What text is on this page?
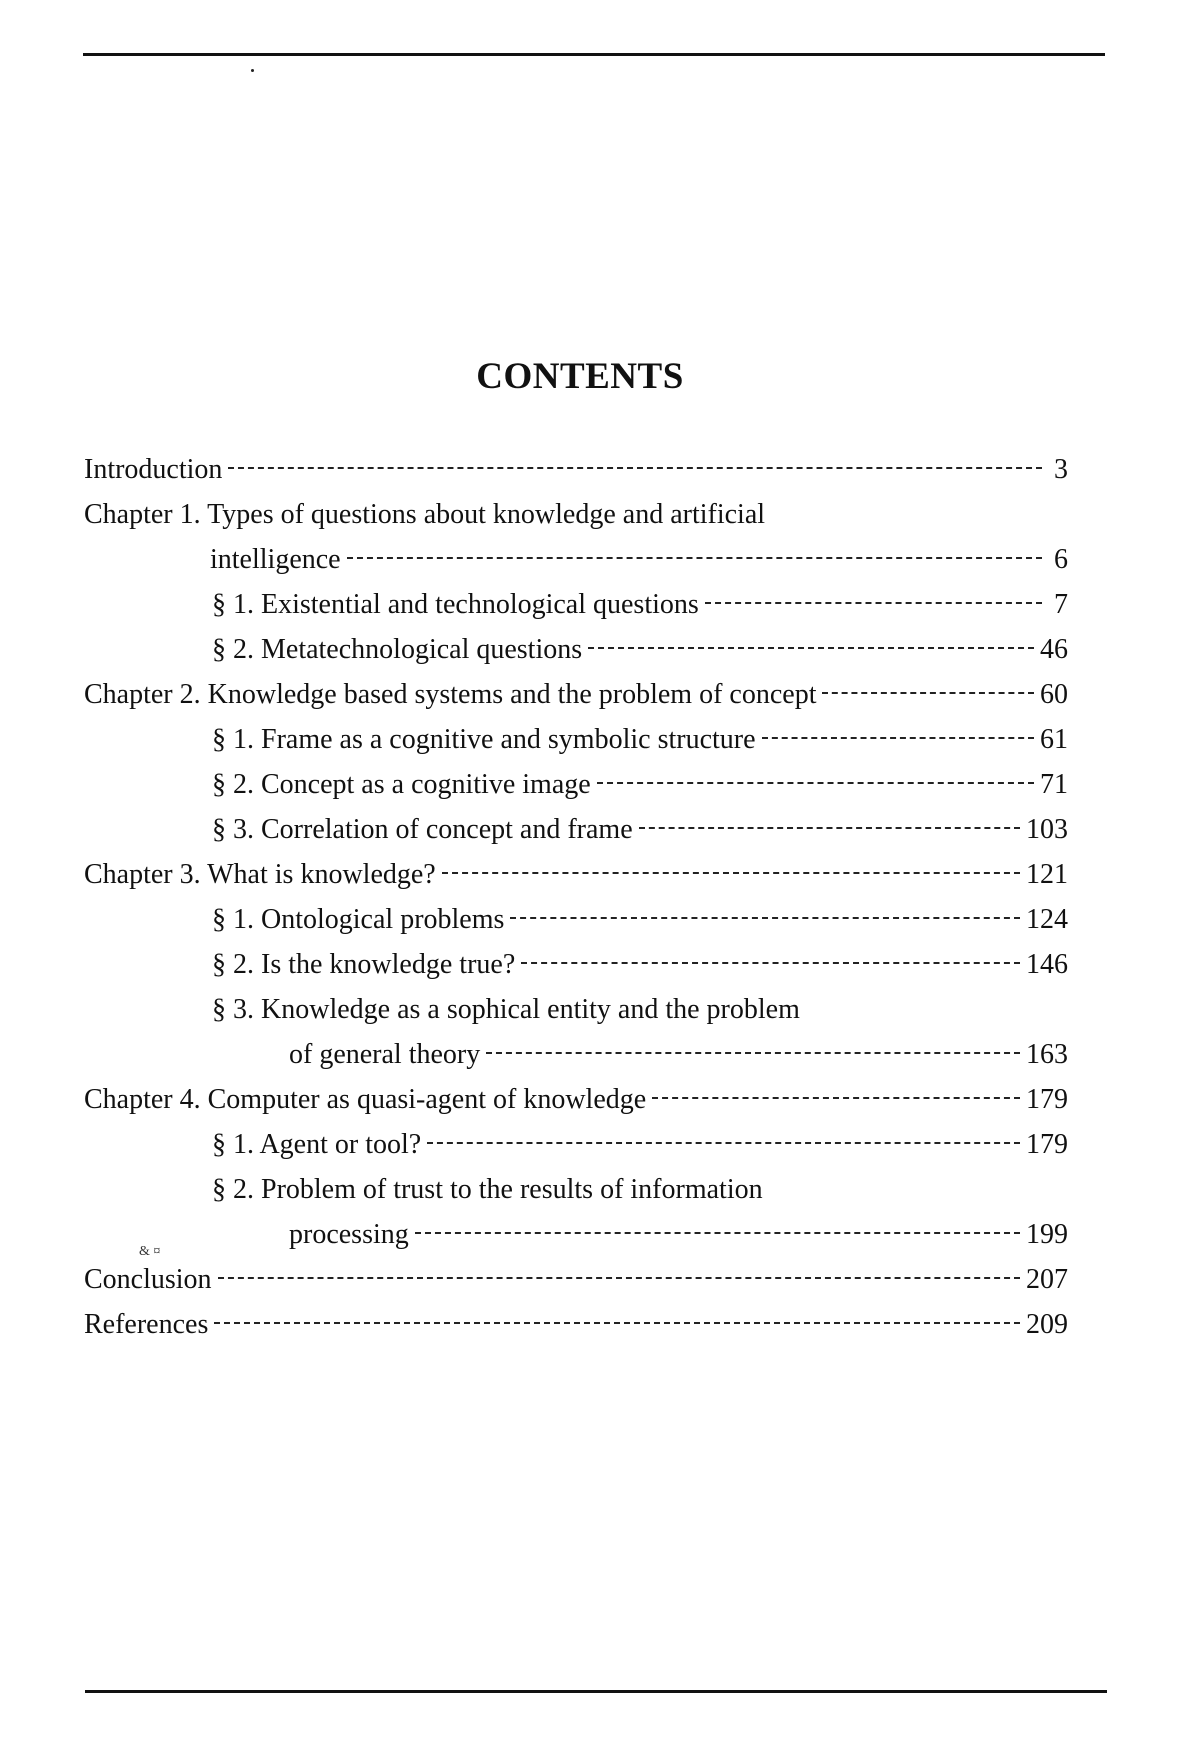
CONTENTS
Introduction	3
Chapter 1. Types of questions about knowledge and artificial
intelligence	6
§ 1. Existential and technological questions	7
§ 2. Metatechnological questions	46
Chapter 2. Knowledge based systems and the problem of concept	60
§ 1. Frame as a cognitive and symbolic structure	61
§ 2. Concept as a cognitive image	71
§ 3. Correlation of concept and frame	103
Chapter 3. What is knowledge?	121
§ 1. Ontological problems	124
§ 2. Is the knowledge true?	146
§ 3. Knowledge as a sophical entity and the problem
of general theory	163
Chapter 4. Computer as quasi-agent of knowledge	179
§ 1. Agent or tool?	179
§ 2. Problem of trust to the results of information
processing	199
Conclusion	207
References	209
& ¤
